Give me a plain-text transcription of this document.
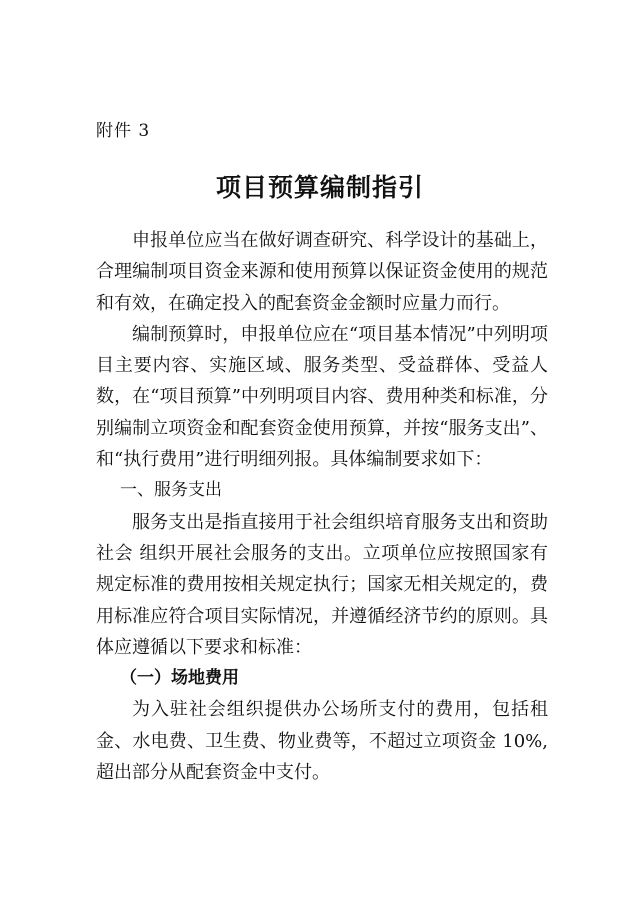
附件 3
项目预算编制指引

申报单位应当在做好调查研究、科学设计的基础上，合理编制项目资金来源和使用预算以保证资金使用的规范和有效，在确定投入的配套资金金额时应量力而行。

编制预算时，申报单位应在“项目基本情况”中列明项目主要内容、实施区域、服务类型、受益群体、受益人数，在“项目预算”中列明项目内容、费用种类和标准，分别编制立项资金和配套资金使用预算，并按“服务支出”、和“执行费用”进行明细列报。具体编制要求如下：

一、服务支出

服务支出是指直接用于社会组织培育服务支出和资助社会 组织开展社会服务的支出。立项单位应按照国家有规定标准的费用按相关规定执行；国家无相关规定的，费用标准应符合项目实际情况，并遵循经济节约的原则。具体应遵循以下要求和标准：

（一）场地费用

为入驻社会组织提供办公场所支付的费用，包括租金、水电费、卫生费、物业费等，不超过立项资金 10%,超出部分从配套资金中支付。
